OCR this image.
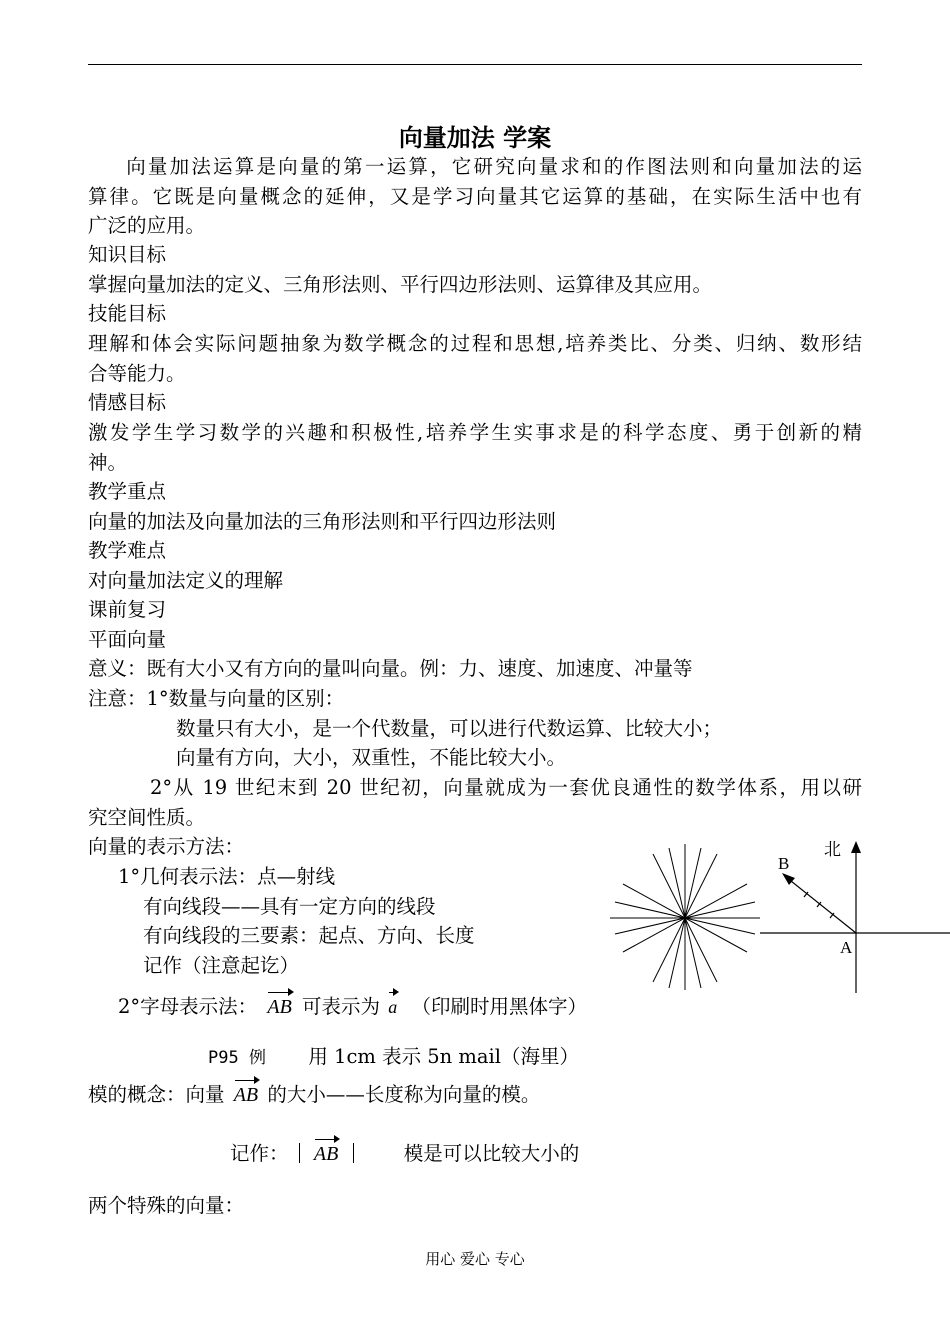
向量加法 学案
向量加法运算是向量的第一运算，它研究向量求和的作图法则和向量加法的运
算律。它既是向量概念的延伸，又是学习向量其它运算的基础，在实际生活中也有
广泛的应用。
知识目标
掌握向量加法的定义、三角形法则、平行四边形法则、运算律及其应用。
技能目标
理解和体会实际问题抽象为数学概念的过程和思想,培养类比、分类、归纳、数形结
合等能力。
情感目标
激发学生学习数学的兴趣和积极性,培养学生实事求是的科学态度、勇于创新的精
神。
教学重点
向量的加法及向量加法的三角形法则和平行四边形法则
教学难点
对向量加法定义的理解
课前复习
平面向量
意义：既有大小又有方向的量叫向量。例：力、速度、加速度、冲量等
注意：1°数量与向量的区别：
数量只有大小，是一个代数量，可以进行代数运算、比较大小；
向量有方向，大小，双重性，不能比较大小。
2°从 19 世纪末到 20 世纪初，向量就成为一套优良通性的数学体系，用以研
究空间性质。
向量的表示方法：
1°几何表示法：点—射线
有向线段——具有一定方向的线段
有向线段的三要素：起点、方向、长度
记作（注意起讫）
2°字母表示法： AB 可表示为 a （印刷时用黑体字）
P95 例 用 1cm 表示 5n mail（海里）
模的概念：向量 AB 的大小——长度称为向量的模。
记作： AB	模是可以比较大小的
两个特殊的向量：
北
B
A
用心 爱心 专心
